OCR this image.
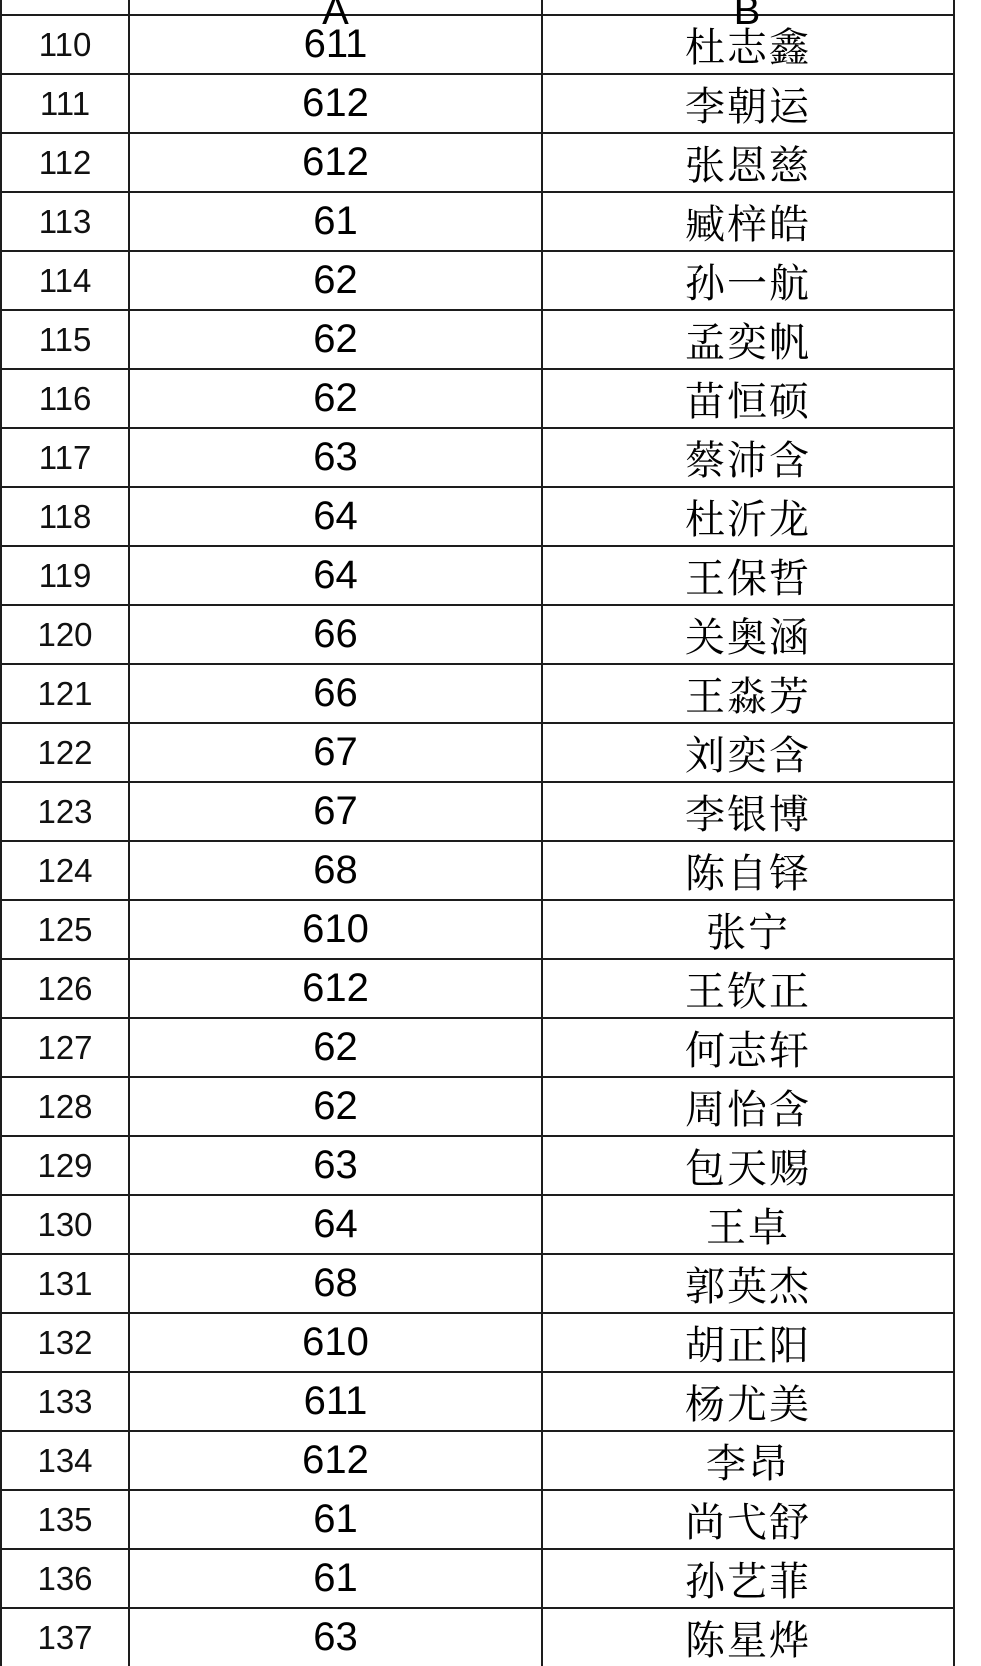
110	611	杜志鑫
111	612	李朝运
112	612	张恩慈
113	61	臧梓皓
114	62	孙一航
115	62	孟奕帆
116	62	苗恒硕
117	63	蔡沛含
118	64	杜沂龙
119	64	王保哲
120	66	关奥涵
121	66	王淼芳
122	67	刘奕含
123	67	李银博
124	68	陈自铎
125	610	张宁
126	612	王钦正
127	62	何志轩
128	62	周怡含
129	63	包天赐
130	64	王卓
131	68	郭英杰
132	610	胡正阳
133	611	杨尤美
134	612	李昂
135	61	尚弋舒
136	61	孙艺菲
137	63	陈星烨
